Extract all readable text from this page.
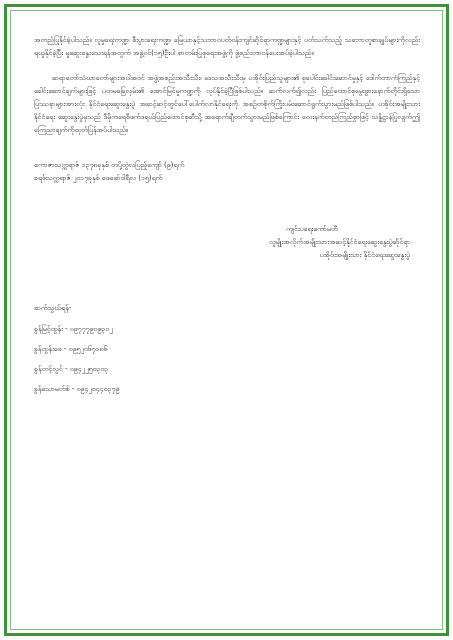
အတည်ပြုနိုင်ခဲ့ပါသည်။ လူမှုရေးကဏ္ဍ၊ စီးပွားရေးကဏ္ဍ၊ မြေယာနှင့်သဘာဝပတ်ဝန်းကျင်ဆိုင်ရာကဏ္ဍများနှင့် ပတ်သက်သည့် သဘောတူစာချုပ်များကိုလည်း ရယူနိုင်ခဲ့ပြီး မူဆွေးနွေးသေးရန်အတွက် အဖွဲ့ဝင်(၁၅)ဦးပါ စာတမ်းပြုစုရေးအဖွဲ့ကို ဖွဲ့စည်းတာဝန်ပေးအပ်ခဲ့ပါသည်။

ဆရာတော်သံဃာတော်များအပါအဝင် အဖွဲ့အစည်းအသီးသီး၊ ဒေသအသီးသီးမှ ပအိုဝ်းပြည်သူများ၏ စုပေါင်းခေါင်းဆောင်မှုနှင့် ဒေါက်တာကံကြည်နှင့်ခေါင်းဆောင်ချက်များဖြင့် ပထမခြေလှမ်း၏ အောင်မြင်မှုကဏ္ဍကို လုပ်နိုင်ခဲ့ပြီဖြစ်ပါသည်။ ဆက်လက်၍လည်း ပြည်ထောင်စုမွေးဖွားနောက်တိုင်းရှိသောပြဿနာများအားလုံး နိုင်ငံရေးဆွေးနွေးပွဲ အဆင့်ဆင့်တွင်ပေါ်ပေါက်လာနိုင်ရေးကို အစဉ်တစိုက်ကြိုးပမ်းဆောင်ရွက်သွားမည်ဖြစ်ပါသည်။ ပအိုဝ်းအမျိုးသားနိုင်ငံရေး ဆွေးနွေးပွဲမှသည် ဒီမိုကရေစီဖက်ဒရယ်ပြည်ထောင်စုဆီသို့ အရောက်ချီတက်သွားမည်ဖြစ်ကြောင်း လေးနက်တည်ကြည်စွာဖြင့် သန္နိဋ္ဌာန်ပြုလျက်ဤကြေညာချက်ကိုထုတ်ပြန်အပ်ပါသည်။

ကောဇာသက္ကရာဇ် ၁၃၇၈ခုနှစ် တပို့တွဲလပြည့်ကျော် (၉)ရက်

ခရစ်သက္ကရာဇ် ၂၀၁၇ခုနှစ် ဖေဖော်ဝါရီလ (၁၅)ရက်

ကျင်းပရေးကော်မတီ

လူမျိုးအလိုက်အမျိုးသားအဆင့်နိုင်ငံရေးဆွေးနွေးပွဲဆိုင်ရာ

ပအိုဝ်းအမျိုးသား နိုင်ငံရေးဆွေးနွေးပွဲ

ဆက်သွယ်ရန်-

ခွန်မြင့်ထွန်း - ၀၉၇၇၇၉၀၉၃၀၂

ခွန်ထွန်းဖေ - ၀၉၅၂၀၆၇၁၈၆

ခွန်တင့်လွင် - ၀၉၄၂၂၅၀၃၀၃

ခွန်သောမတ်စ် - ၀၉၄၂၀၄၄၀၃၇၉
